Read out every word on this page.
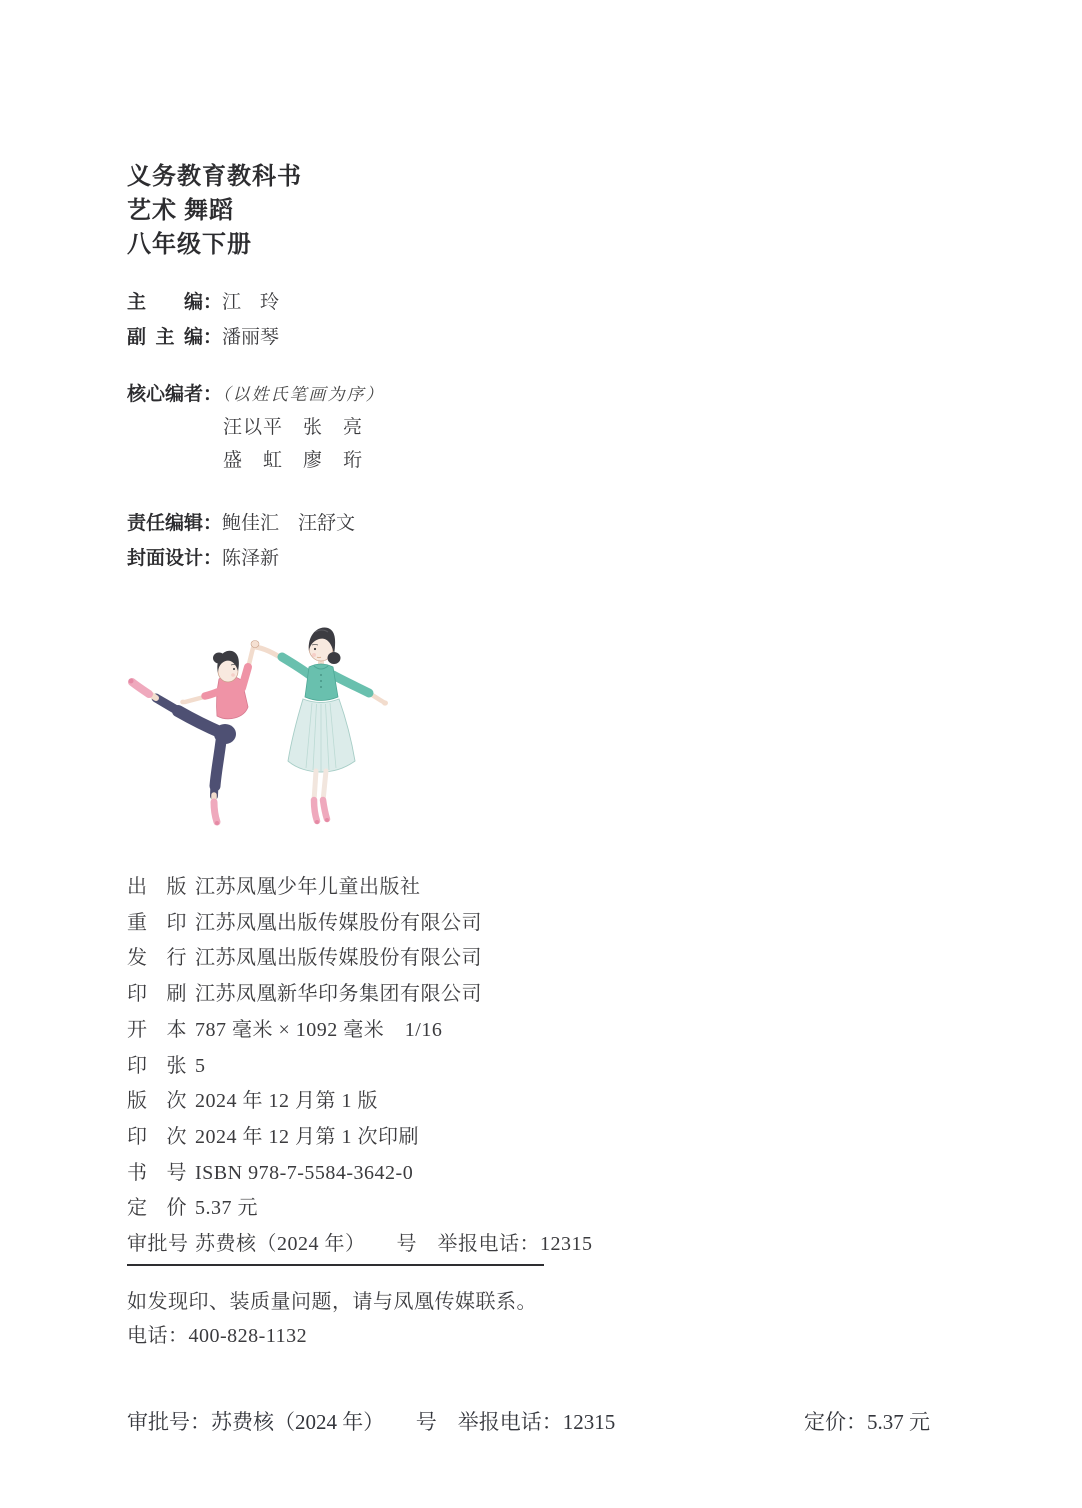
义务教育教科书
艺术 舞蹈
八年级下册
主编：江　玲
副主编：潘丽琴
核心编者：（以姓氏笔画为序）
汪以平　张　亮
盛　虹　廖　珩
责任编辑：鲍佳汇　汪舒文
封面设计：陈泽新
出版 江苏凤凰少年儿童出版社
重印 江苏凤凰出版传媒股份有限公司
发行 江苏凤凰出版传媒股份有限公司
印刷 江苏凤凰新华印务集团有限公司
开本 787 毫米 × 1092 毫米　1/16
印张 5
版次 2024 年 12 月第 1 版
印次 2024 年 12 月第 1 次印刷
书号 ISBN 978-7-5584-3642-0
定价 5.37 元
审批号 苏费核（2024 年）　　号　举报电话：12315
如发现印、装质量问题，请与凤凰传媒联系。
电话：400-828-1132
审批号：苏费核（2024 年）　　号　举报电话：12315	定价：5.37 元
